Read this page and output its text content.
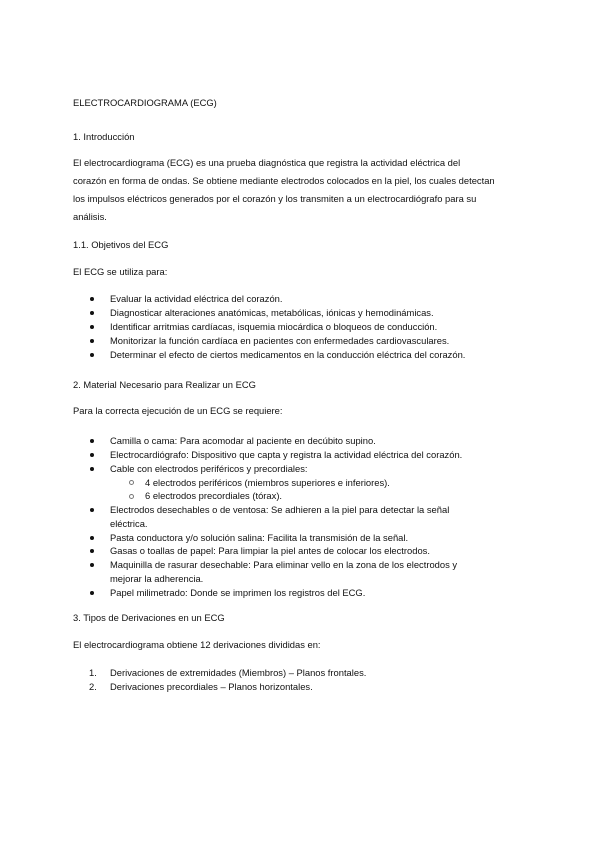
ELECTROCARDIOGRAMA (ECG)
1. Introducción
El electrocardiograma (ECG) es una prueba diagnóstica que registra la actividad eléctrica del
corazón en forma de ondas. Se obtiene mediante electrodos colocados en la piel, los cuales detectan
los impulsos eléctricos generados por el corazón y los transmiten a un electrocardiógrafo para su
análisis.
1.1. Objetivos del ECG
El ECG se utiliza para:
Evaluar la actividad eléctrica del corazón.
Diagnosticar alteraciones anatómicas, metabólicas, iónicas y hemodinámicas.
Identificar arritmias cardíacas, isquemia miocárdica o bloqueos de conducción.
Monitorizar la función cardíaca en pacientes con enfermedades cardiovasculares.
Determinar el efecto de ciertos medicamentos en la conducción eléctrica del corazón.
2. Material Necesario para Realizar un ECG
Para la correcta ejecución de un ECG se requiere:
Camilla o cama: Para acomodar al paciente en decúbito supino.
Electrocardiógrafo: Dispositivo que capta y registra la actividad eléctrica del corazón.
Cable con electrodos periféricos y precordiales:
4 electrodos periféricos (miembros superiores e inferiores).
6 electrodos precordiales (tórax).
Electrodos desechables o de ventosa: Se adhieren a la piel para detectar la señal
eléctrica.
Pasta conductora y/o solución salina: Facilita la transmisión de la señal.
Gasas o toallas de papel: Para limpiar la piel antes de colocar los electrodos.
Maquinilla de rasurar desechable: Para eliminar vello en la zona de los electrodos y
mejorar la adherencia.
Papel milimetrado: Donde se imprimen los registros del ECG.
3. Tipos de Derivaciones en un ECG
El electrocardiograma obtiene 12 derivaciones divididas en:
1. Derivaciones de extremidades (Miembros) – Planos frontales.
2. Derivaciones precordiales – Planos horizontales.
